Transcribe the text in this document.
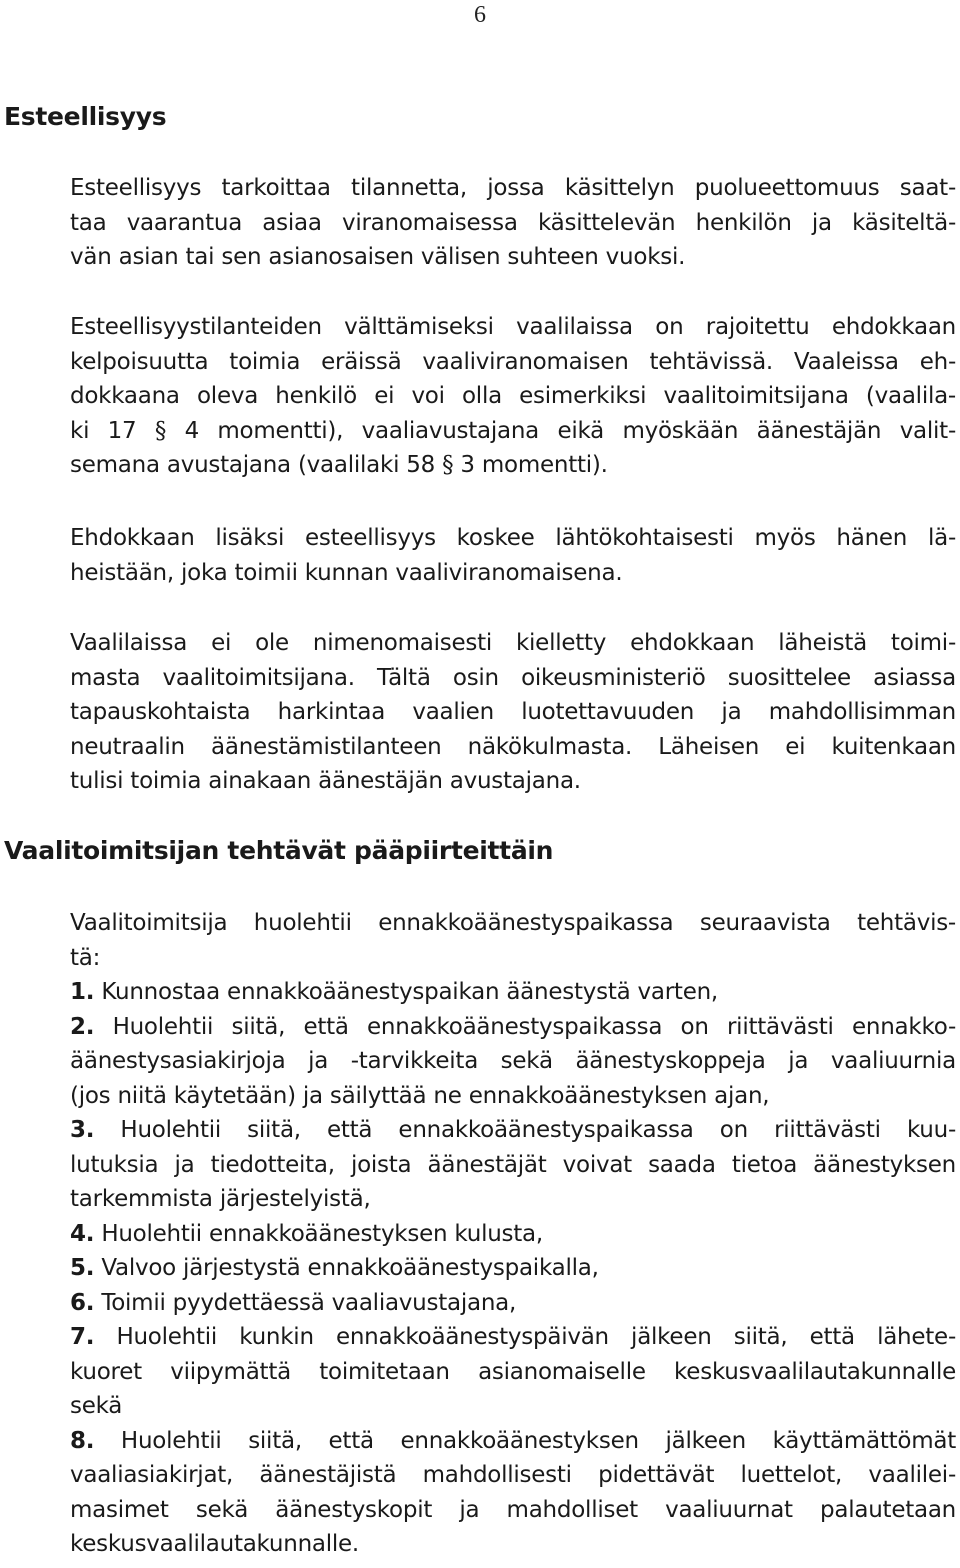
6
Esteellisyys
Esteellisyys tarkoittaa tilannetta, jossa käsittelyn puolueettomuus saat-
taa vaarantua asiaa viranomaisessa käsittelevän henkilön ja käsiteltä-
vän asian tai sen asianosaisen välisen suhteen vuoksi.
Esteellisyystilanteiden välttämiseksi vaalilaissa on rajoitettu ehdokkaan
kelpoisuutta toimia eräissä vaaliviranomaisen tehtävissä. Vaaleissa eh-
dokkaana oleva henkilö ei voi olla esimerkiksi vaalitoimitsijana (vaalila-
ki 17 § 4 momentti), vaaliavustajana eikä myöskään äänestäjän valit-
semana avustajana (vaalilaki 58 § 3 momentti).
Ehdokkaan lisäksi esteellisyys koskee lähtökohtaisesti myös hänen lä-
heistään, joka toimii kunnan vaaliviranomaisena.
Vaalilaissa ei ole nimenomaisesti kielletty ehdokkaan läheistä toimi-
masta vaalitoimitsijana. Tältä osin oikeusministeriö suosittelee asiassa
tapauskohtaista harkintaa vaalien luotettavuuden ja mahdollisimman
neutraalin äänestämistilanteen näkökulmasta. Läheisen ei kuitenkaan
tulisi toimia ainakaan äänestäjän avustajana.
Vaalitoimitsijan tehtävät pääpiirteittäin
Vaalitoimitsija huolehtii ennakkoäänestyspaikassa seuraavista tehtävis-
tä:
1. Kunnostaa ennakkoäänestyspaikan äänestystä varten,
2. Huolehtii siitä, että ennakkoäänestyspaikassa on riittävästi ennakko-
äänestysasiakirjoja ja -tarvikkeita sekä äänestyskoppeja ja vaaliuurnia
(jos niitä käytetään) ja säilyttää ne ennakkoäänestyksen ajan,
3. Huolehtii siitä, että ennakkoäänestyspaikassa on riittävästi kuu-
lutuksia ja tiedotteita, joista äänestäjät voivat saada tietoa äänestyksen
tarkemmista järjestelyistä,
4. Huolehtii ennakkoäänestyksen kulusta,
5. Valvoo järjestystä ennakkoäänestyspaikalla,
6. Toimii pyydettäessä vaaliavustajana,
7. Huolehtii kunkin ennakkoäänestyspäivän jälkeen siitä, että lähete-
kuoret viipymättä toimitetaan asianomaiselle keskusvaalilautakunnalle
sekä
8. Huolehtii siitä, että ennakkoäänestyksen jälkeen käyttämättömät
vaaliasiakirjat, äänestäjistä mahdollisesti pidettävät luettelot, vaalilei-
masimet sekä äänestyskopit ja mahdolliset vaaliuurnat palautetaan
keskusvaalilautakunnalle.
